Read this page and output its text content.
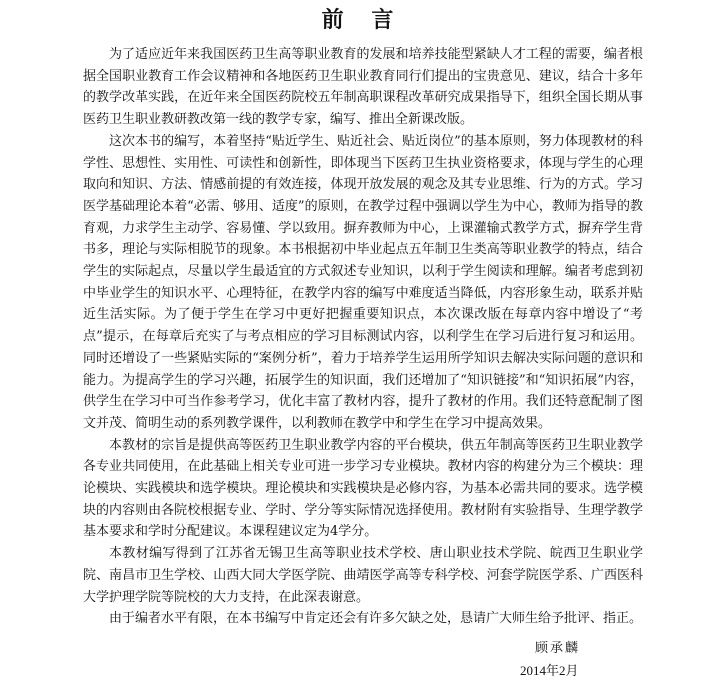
前 言

为了适应近年来我国医药卫生高等职业教育的发展和培养技能型紧缺人才工程的需要，编者根据全国职业教育工作会议精神和各地医药卫生职业教育同行们提出的宝贵意见、建议，结合十多年的教学改革实践，在近年来全国医药院校五年制高职课程改革研究成果指导下，组织全国长期从事医药卫生职业教研教改第一线的教学专家，编写、推出全新课改版。

这次本书的编写，本着坚持“贴近学生、贴近社会、贴近岗位”的基本原则，努力体现教材的科学性、思想性、实用性、可读性和创新性，即体现当下医药卫生执业资格要求，体现与学生的心理取向和知识、方法、情感前提的有效连接，体现开放发展的观念及其专业思维、行为的方式。学习医学基础理论本着“必需、够用、适度”的原则，在教学过程中强调以学生为中心，教师为指导的教育观，力求学生主动学、容易懂、学以致用。摒弃教师为中心，上课灌输式教学方式，摒弃学生背书多，理论与实际相脱节的现象。本书根据初中毕业起点五年制卫生类高等职业教学的特点，结合学生的实际起点，尽量以学生最适宜的方式叙述专业知识，以利于学生阅读和理解。编者考虑到初中毕业学生的知识水平、心理特征，在教学内容的编写中难度适当降低，内容形象生动，联系并贴近生活实际。为了便于学生在学习中更好把握重要知识点，本次课改版在每章内容中增设了“考点”提示，在每章后充实了与考点相应的学习目标测试内容，以利学生在学习后进行复习和运用。同时还增设了一些紧贴实际的“案例分析”，着力于培养学生运用所学知识去解决实际问题的意识和能力。为提高学生的学习兴趣，拓展学生的知识面，我们还增加了“知识链接”和“知识拓展”内容，供学生在学习中可当作参考学习，优化丰富了教材内容，提升了教材的作用。我们还特意配制了图文并茂、简明生动的系列教学课件，以利教师在教学中和学生在学习中提高效果。

本教材的宗旨是提供高等医药卫生职业教学内容的平台模块，供五年制高等医药卫生职业教学各专业共同使用，在此基础上相关专业可进一步学习专业模块。教材内容的构建分为三个模块：理论模块、实践模块和选学模块。理论模块和实践模块是必修内容，为基本必需共同的要求。选学模块的内容则由各院校根据专业、学时、学分等实际情况选择使用。教材附有实验指导、生理学教学基本要求和学时分配建议。本课程建议定为4学分。

本教材编写得到了江苏省无锡卫生高等职业技术学校、唐山职业技术学院、皖西卫生职业学院、南昌市卫生学校、山西大同大学医学院、曲靖医学高等专科学校、河套学院医学系、广西医科大学护理学院等院校的大力支持，在此深表谢意。

由于编者水平有限，在本书编写中肯定还会有许多欠缺之处，恳请广大师生给予批评、指正。

顾承麟
2014年2月
